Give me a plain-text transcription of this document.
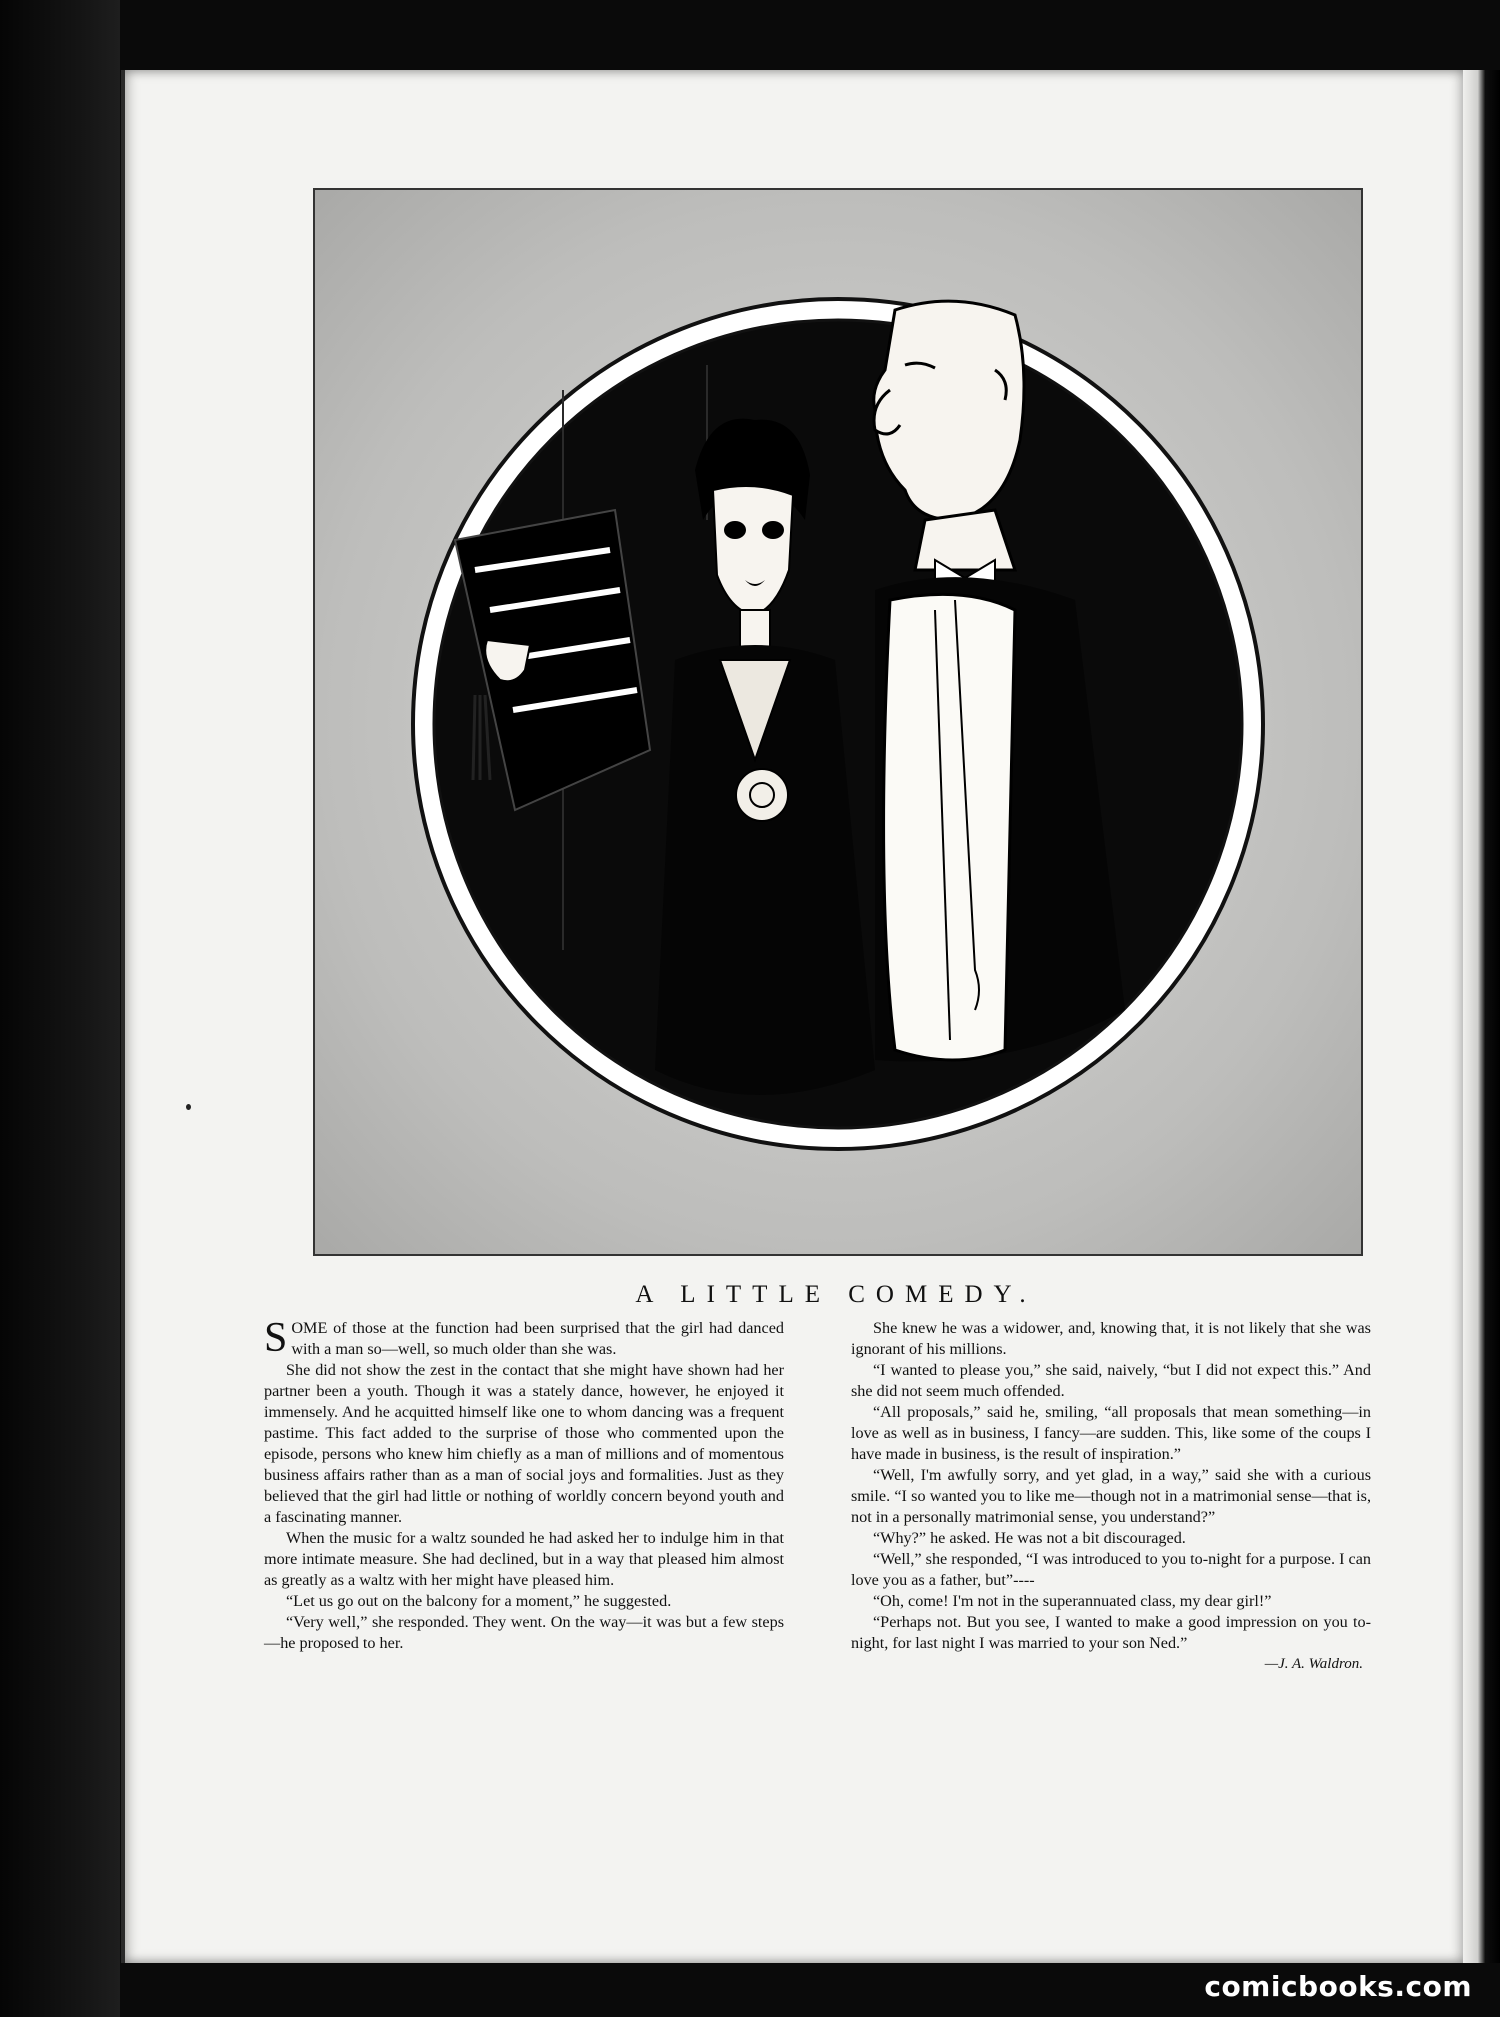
A LITTLE COMEDY.

SOME of those at the function had been surprised that the girl had danced with a man so—well, so much older than she was.

She did not show the zest in the contact that she might have shown had her partner been a youth. Though it was a stately dance, however, he enjoyed it immensely. And he acquitted himself like one to whom dancing was a frequent pastime. This fact added to the surprise of those who commented upon the episode, persons who knew him chiefly as a man of millions and of momentous business affairs rather than as a man of social joys and formalities. Just as they believed that the girl had little or nothing of worldly concern beyond youth and a fascinating manner.

When the music for a waltz sounded he had asked her to indulge him in that more intimate measure. She had declined, but in a way that pleased him almost as greatly as a waltz with her might have pleased him.

“Let us go out on the balcony for a moment,” he suggested.

“Very well,” she responded. They went. On the way—it was but a few steps—he proposed to her.

She knew he was a widower, and, knowing that, it is not likely that she was ignorant of his millions.

“I wanted to please you,” she said, naively, “but I did not expect this.” And she did not seem much offended.

“All proposals,” said he, smiling, “all proposals that mean something—in love as well as in business, I fancy—are sudden. This, like some of the coups I have made in business, is the result of inspiration.”

“Well, I'm awfully sorry, and yet glad, in a way,” said she with a curious smile. “I so wanted you to like me—though not in a matrimonial sense—that is, not in a personally matrimonial sense, you understand?”

“Why?” he asked. He was not a bit discouraged.

“Well,” she responded, “I was introduced to you to-night for a purpose. I can love you as a father, but”----

“Oh, come! I'm not in the superannuated class, my dear girl!”

“Perhaps not. But you see, I wanted to make a good impression on you to-night, for last night I was married to your son Ned.”

—J. A. Waldron.
comicbooks.com
